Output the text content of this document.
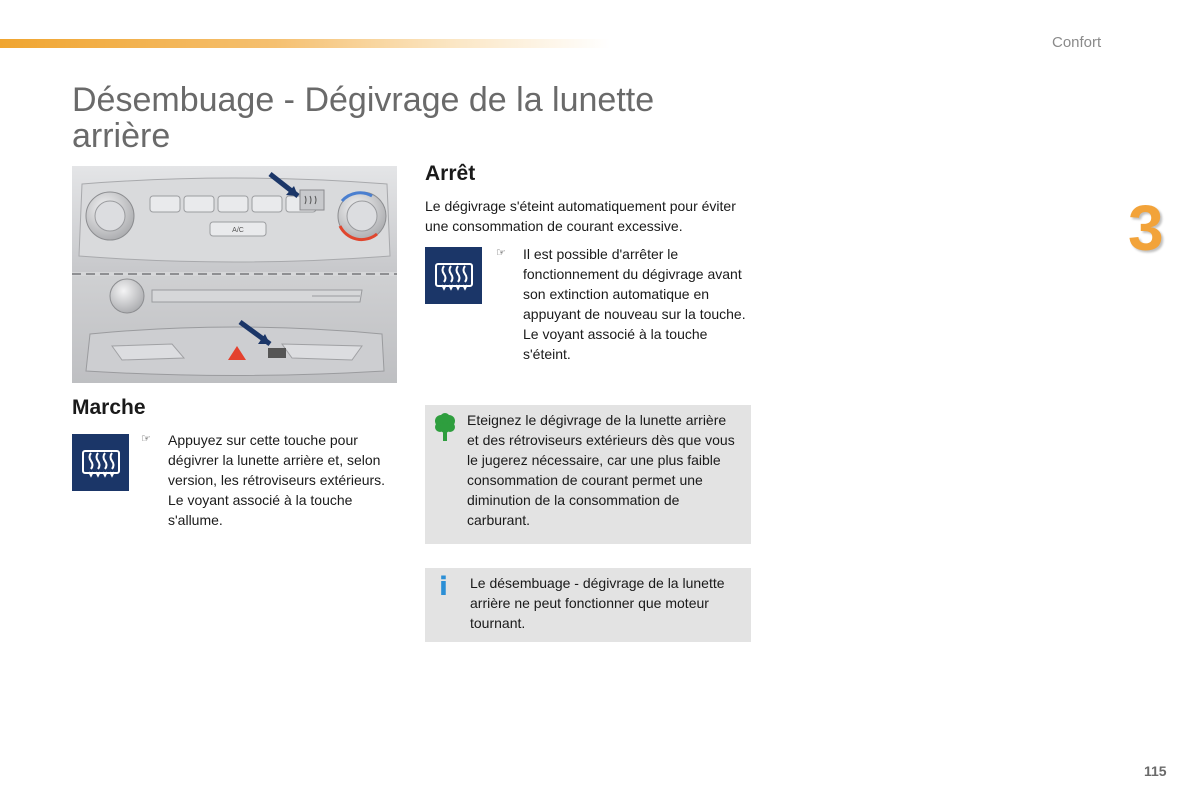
Confort
3
Désembuage - Dégivrage de la lunette arrière
A/C
Marche
☞ Appuyez sur cette touche pour dégivrer la lunette arrière et, selon version, les rétroviseurs extérieurs. Le voyant associé à la touche s'allume.
Arrêt
Le dégivrage s'éteint automatiquement pour éviter une consommation de courant excessive.
☞ Il est possible d'arrêter le fonctionnement du dégivrage avant son extinction automatique en appuyant de nouveau sur la touche. Le voyant associé à la touche s'éteint.
Eteignez le dégivrage de la lunette arrière et des rétroviseurs extérieurs dès que vous le jugerez nécessaire, car une plus faible consommation de courant permet une diminution de la consommation de carburant.
i Le désembuage - dégivrage de la lunette arrière ne peut fonctionner que moteur tournant.
115
